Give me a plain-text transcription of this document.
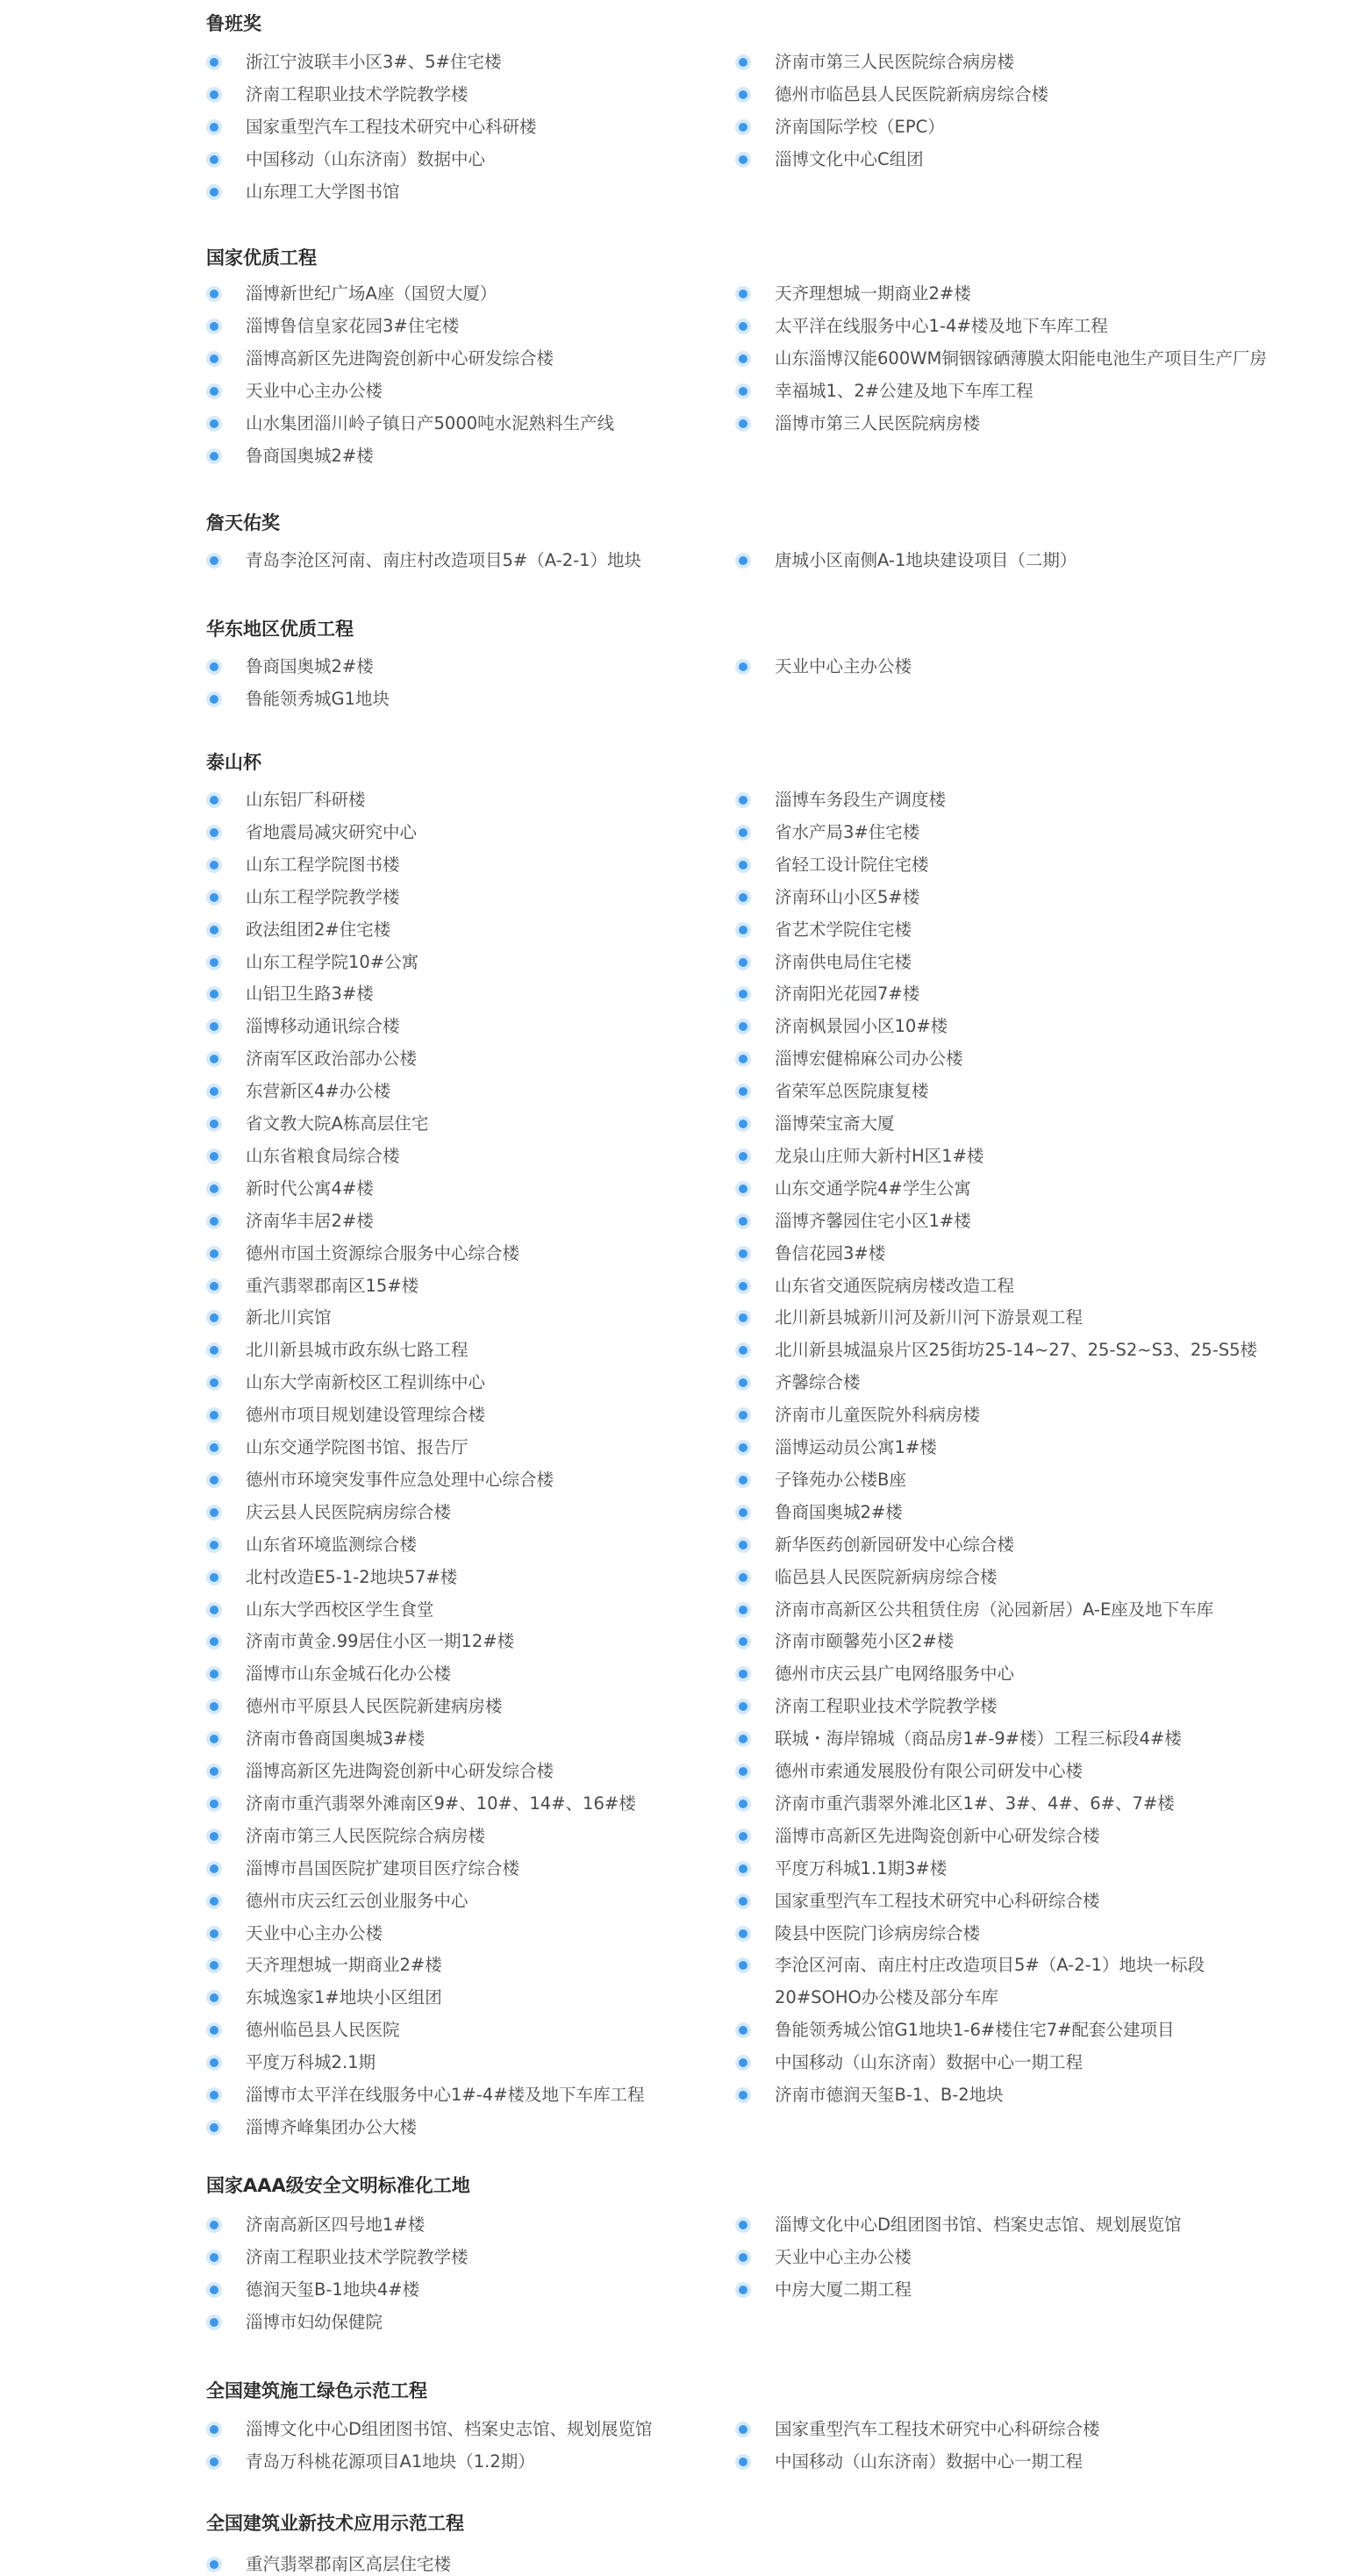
鲁班奖
浙江宁波联丰小区3#、5#住宅楼
济南工程职业技术学院教学楼
国家重型汽车工程技术研究中心科研楼
中国移动（山东济南）数据中心
山东理工大学图书馆
济南市第三人民医院综合病房楼
德州市临邑县人民医院新病房综合楼
济南国际学校（EPC）
淄博文化中心C组团
国家优质工程
淄博新世纪广场A座（国贸大厦）
淄博鲁信皇家花园3#住宅楼
淄博高新区先进陶瓷创新中心研发综合楼
天业中心主办公楼
山水集团淄川岭子镇日产5000吨水泥熟料生产线
鲁商国奥城2#楼
天齐理想城一期商业2#楼
太平洋在线服务中心1-4#楼及地下车库工程
山东淄博汉能600WM铜铟镓硒薄膜太阳能电池生产项目生产厂房
幸福城1、2#公建及地下车库工程
淄博市第三人民医院病房楼
詹天佑奖
青岛李沧区河南、南庄村改造项目5#（A-2-1）地块	唐城小区南侧A-1地块建设项目（二期）
华东地区优质工程
鲁商国奥城2#楼
鲁能领秀城G1地块
天业中心主办公楼
泰山杯
山东铝厂科研楼
省地震局减灾研究中心
山东工程学院图书楼
山东工程学院教学楼
政法组团2#住宅楼
山东工程学院10#公寓
山铝卫生路3#楼
淄博移动通讯综合楼
济南军区政治部办公楼
东营新区4#办公楼
省文教大院A栋高层住宅
山东省粮食局综合楼
新时代公寓4#楼
济南华丰居2#楼
德州市国土资源综合服务中心综合楼
重汽翡翠郡南区15#楼
新北川宾馆
北川新县城市政东纵七路工程
山东大学南新校区工程训练中心
德州市项目规划建设管理综合楼
山东交通学院图书馆、报告厅
德州市环境突发事件应急处理中心综合楼
庆云县人民医院病房综合楼
山东省环境监测综合楼
北村改造E5-1-2地块57#楼
山东大学西校区学生食堂
济南市黄金.99居住小区一期12#楼
淄博市山东金城石化办公楼
德州市平原县人民医院新建病房楼
济南市鲁商国奥城3#楼
淄博高新区先进陶瓷创新中心研发综合楼
济南市重汽翡翠外滩南区9#、10#、14#、16#楼
济南市第三人民医院综合病房楼
淄博市昌国医院扩建项目医疗综合楼
德州市庆云红云创业服务中心
天业中心主办公楼
天齐理想城一期商业2#楼
东城逸家1#地块小区组团
德州临邑县人民医院
平度万科城2.1期
淄博市太平洋在线服务中心1#-4#楼及地下车库工程
淄博齐峰集团办公大楼
淄博车务段生产调度楼
省水产局3#住宅楼
省轻工设计院住宅楼
济南环山小区5#楼
省艺术学院住宅楼
济南供电局住宅楼
济南阳光花园7#楼
济南枫景园小区10#楼
淄博宏健棉麻公司办公楼
省荣军总医院康复楼
淄博荣宝斋大厦
龙泉山庄师大新村H区1#楼
山东交通学院4#学生公寓
淄博齐馨园住宅小区1#楼
鲁信花园3#楼
山东省交通医院病房楼改造工程
北川新县城新川河及新川河下游景观工程
北川新县城温泉片区25街坊25-14~27、25-S2~S3、25-S5楼
齐馨综合楼
济南市儿童医院外科病房楼
淄博运动员公寓1#楼
子锋苑办公楼B座
鲁商国奥城2#楼
新华医药创新园研发中心综合楼
临邑县人民医院新病房综合楼
济南市高新区公共租赁住房（沁园新居）A-E座及地下车库
济南市颐馨苑小区2#楼
德州市庆云县广电网络服务中心
济南工程职业技术学院教学楼
联城・海岸锦城（商品房1#-9#楼）工程三标段4#楼
德州市索通发展股份有限公司研发中心楼
济南市重汽翡翠外滩北区1#、3#、4#、6#、7#楼
淄博市高新区先进陶瓷创新中心研发综合楼
平度万科城1.1期3#楼
国家重型汽车工程技术研究中心科研综合楼
陵县中医院门诊病房综合楼
李沧区河南、南庄村庄改造项目5#（A-2-1）地块一标段
20#SOHO办公楼及部分车库
鲁能领秀城公馆G1地块1-6#楼住宅7#配套公建项目
中国移动（山东济南）数据中心一期工程
济南市德润天玺B-1、B-2地块
国家AAA级安全文明标准化工地
济南高新区四号地1#楼
济南工程职业技术学院教学楼
德润天玺B-1地块4#楼
淄博市妇幼保健院
淄博文化中心D组团图书馆、档案史志馆、规划展览馆
天业中心主办公楼
中房大厦二期工程
全国建筑施工绿色示范工程
淄博文化中心D组团图书馆、档案史志馆、规划展览馆
青岛万科桃花源项目A1地块（1.2期）
国家重型汽车工程技术研究中心科研综合楼
中国移动（山东济南）数据中心一期工程
全国建筑业新技术应用示范工程
重汽翡翠郡南区高层住宅楼
